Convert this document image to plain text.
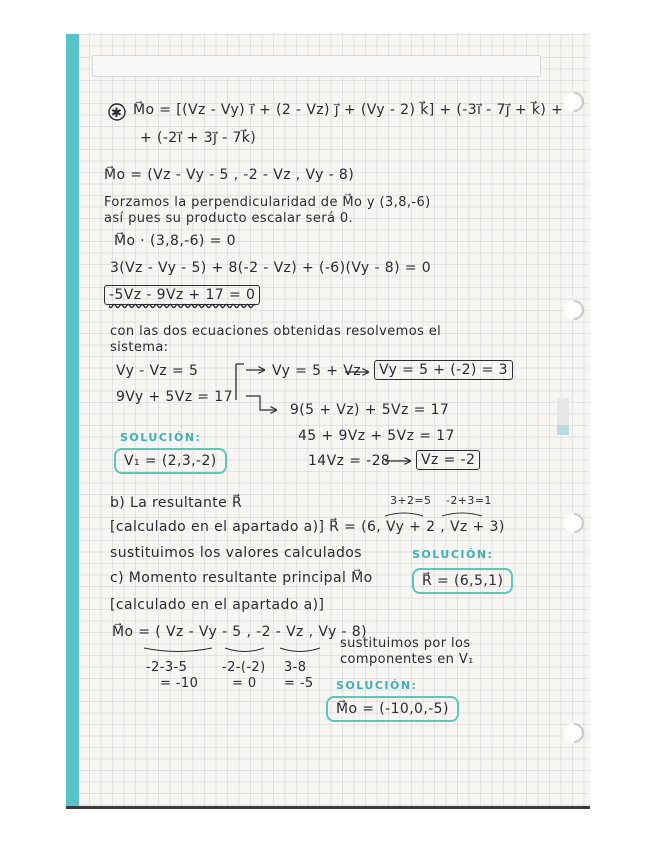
✱ M⃗o = [(Vz - Vy) i⃗ + (2 - Vz) j⃗ + (Vy - 2) k⃗] + (-3i⃗ - 7j⃗ + k⃗) +
+ (-2i⃗ + 3j⃗ - 7k⃗)
M⃗o = (Vz - Vy - 5 , -2 - Vz , Vy - 8)
Forzamos la perpendicularidad de M⃗o y (3,8,-6)
así pues su producto escalar será 0.
M⃗o · (3,8,-6) = 0
3(Vz - Vy - 5) + 8(-2 - Vz) + (-6)(Vy - 8) = 0
-5Vz - 9Vz + 17 = 0
con las dos ecuaciones obtenidas resolvemos el
sistema:
Vy - Vz = 5	Vy = 5 + Vz	Vy = 5 + (-2) = 3
9Vy + 5Vz = 17
9(5 + Vz) + 5Vz = 17
45 + 9Vz + 5Vz = 17
14Vz = -28	Vz = -2
SOLUCIÓN:
V₁ = (2,3,-2)
b) La resultante R⃗	3+2=5 -2+3=1
[calculado en el apartado a)] R⃗ = (6, Vy + 2 , Vz + 3)
sustituimos los valores calculados	SOLUCIÓN:
R⃗ = (6,5,1)
c) Momento resultante principal M⃗o
[calculado en el apartado a)]
M⃗o = ( Vz - Vy - 5 , -2 - Vz , Vy - 8)
sustituimos por los
componentes en V₁
-2-3-5
= -10
-2-(-2)
= 0
3-8
= -5 SOLUCIÓN:
M⃗o = (-10,0,-5)
